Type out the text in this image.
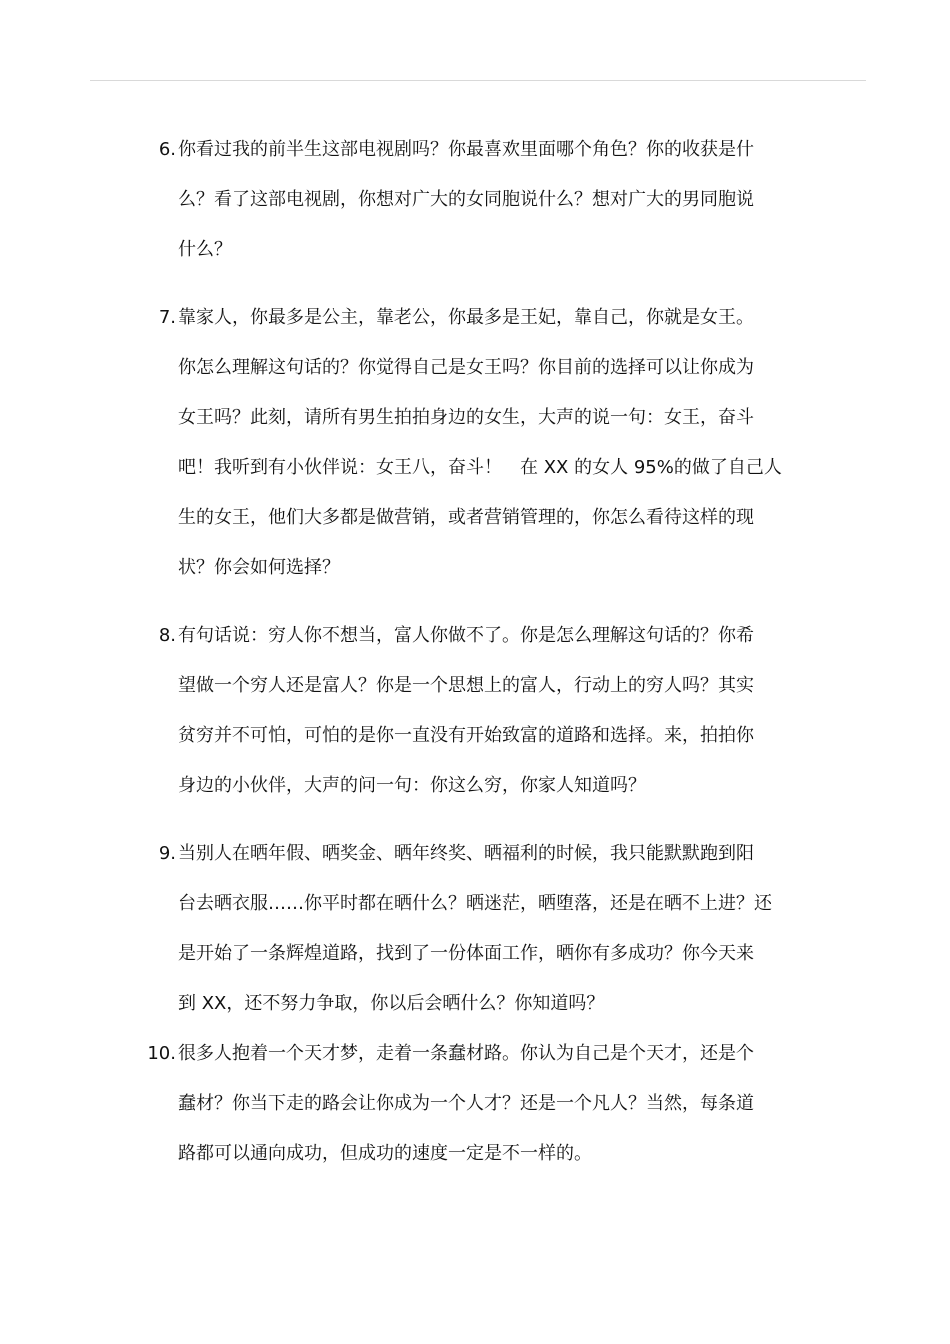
6. 你看过我的前半生这部电视剧吗？你最喜欢里面哪个角色？你的收获是什
么？看了这部电视剧，你想对广大的女同胞说什么？想对广大的男同胞说
什么？
7. 靠家人，你最多是公主，靠老公，你最多是王妃，靠自己，你就是女王。
你怎么理解这句话的？你觉得自己是女王吗？你目前的选择可以让你成为
女王吗？此刻，请所有男生拍拍身边的女生，大声的说一句：女王，奋斗
吧！我听到有小伙伴说：女王八，奋斗！　在 XX 的女人 95%的做了自己人
生的女王，他们大多都是做营销，或者营销管理的，你怎么看待这样的现
状？你会如何选择？
8. 有句话说：穷人你不想当，富人你做不了。你是怎么理解这句话的？你希
望做一个穷人还是富人？你是一个思想上的富人，行动上的穷人吗？其实
贫穷并不可怕，可怕的是你一直没有开始致富的道路和选择。来，拍拍你
身边的小伙伴，大声的问一句：你这么穷，你家人知道吗？
9. 当别人在晒年假、晒奖金、晒年终奖、晒福利的时候，我只能默默跑到阳
台去晒衣服……你平时都在晒什么？晒迷茫，晒堕落，还是在晒不上进？还
是开始了一条辉煌道路，找到了一份体面工作，晒你有多成功？你今天来
到 XX，还不努力争取，你以后会晒什么？你知道吗？
10. 很多人抱着一个天才梦，走着一条蠢材路。你认为自己是个天才，还是个
蠢材？你当下走的路会让你成为一个人才？还是一个凡人？当然，每条道
路都可以通向成功，但成功的速度一定是不一样的。
